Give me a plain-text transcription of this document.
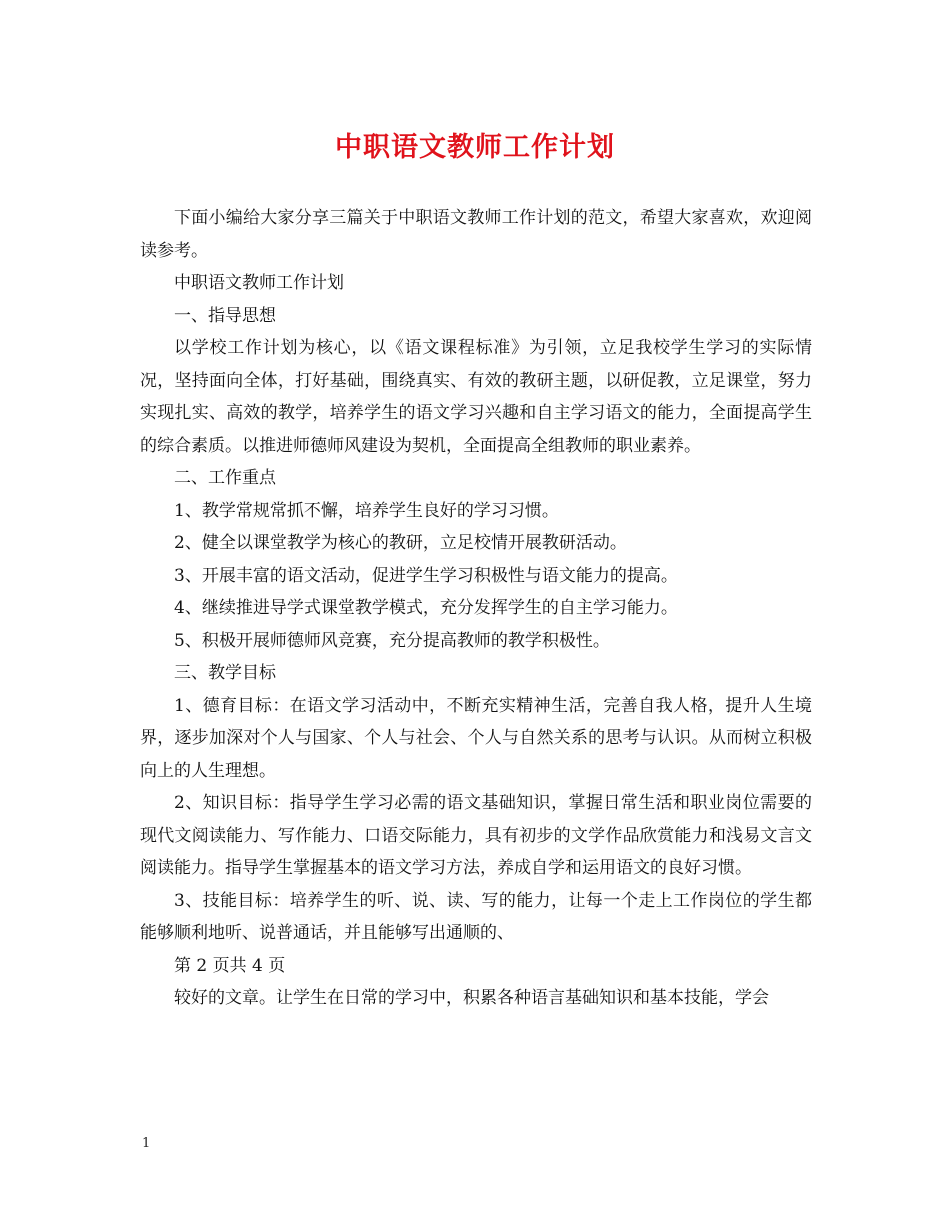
中职语文教师工作计划

下面小编给大家分享三篇关于中职语文教师工作计划的范文，希望大家喜欢，欢迎阅读参考。

中职语文教师工作计划

一、指导思想

以学校工作计划为核心，以《语文课程标准》为引领，立足我校学生学习的实际情况，坚持面向全体，打好基础，围绕真实、有效的教研主题，以研促教，立足课堂，努力实现扎实、高效的教学，培养学生的语文学习兴趣和自主学习语文的能力，全面提高学生的综合素质。以推进师德师风建设为契机，全面提高全组教师的职业素养。

二、工作重点

1、教学常规常抓不懈，培养学生良好的学习习惯。

2、健全以课堂教学为核心的教研，立足校情开展教研活动。

3、开展丰富的语文活动，促进学生学习积极性与语文能力的提高。

4、继续推进导学式课堂教学模式，充分发挥学生的自主学习能力。

5、积极开展师德师风竞赛，充分提高教师的教学积极性。

三、教学目标

1、德育目标：在语文学习活动中，不断充实精神生活，完善自我人格，提升人生境界，逐步加深对个人与国家、个人与社会、个人与自然关系的思考与认识。从而树立积极向上的人生理想。

2、知识目标：指导学生学习必需的语文基础知识，掌握日常生活和职业岗位需要的现代文阅读能力、写作能力、口语交际能力，具有初步的文学作品欣赏能力和浅易文言文阅读能力。指导学生掌握基本的语文学习方法，养成自学和运用语文的良好习惯。

3、技能目标：培养学生的听、说、读、写的能力，让每一个走上工作岗位的学生都能够顺利地听、说普通话，并且能够写出通顺的、

第 2 页共 4 页

较好的文章。让学生在日常的学习中，积累各种语言基础知识和基本技能，学会

1
